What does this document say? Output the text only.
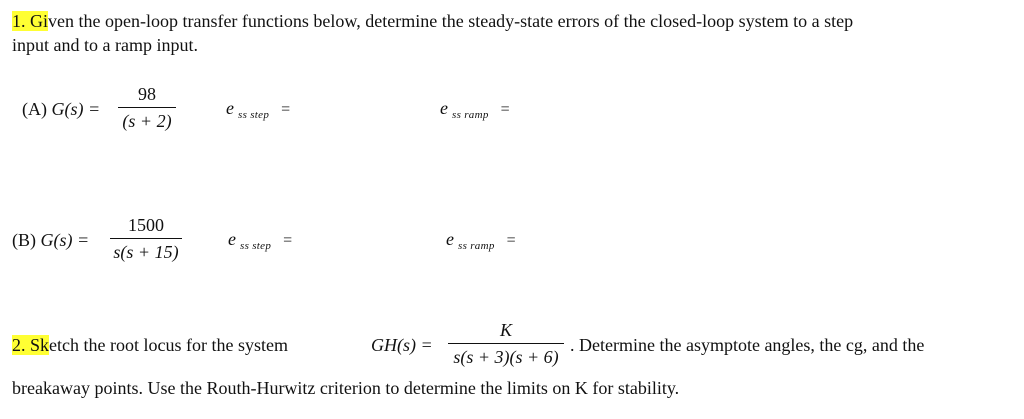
1. Given the open-loop transfer functions below, determine the steady-state errors of the closed-loop system to a step
input and to a ramp input.
(A) G(s) =
98
(s + 2)
e $_{ss step}$ =	e $_{ss ramp}$ =
(B) G(s) =
1500
s(s + 15)
e $_{ss step}$ =	e $_{ss ramp}$ =
2. Sketch the root locus for the system	GH(s) =
K
s(s + 3)(s + 6)
. Determine the asymptote angles, the cg, and the
breakaway points. Use the Routh-Hurwitz criterion to determine the limits on K for stability.
